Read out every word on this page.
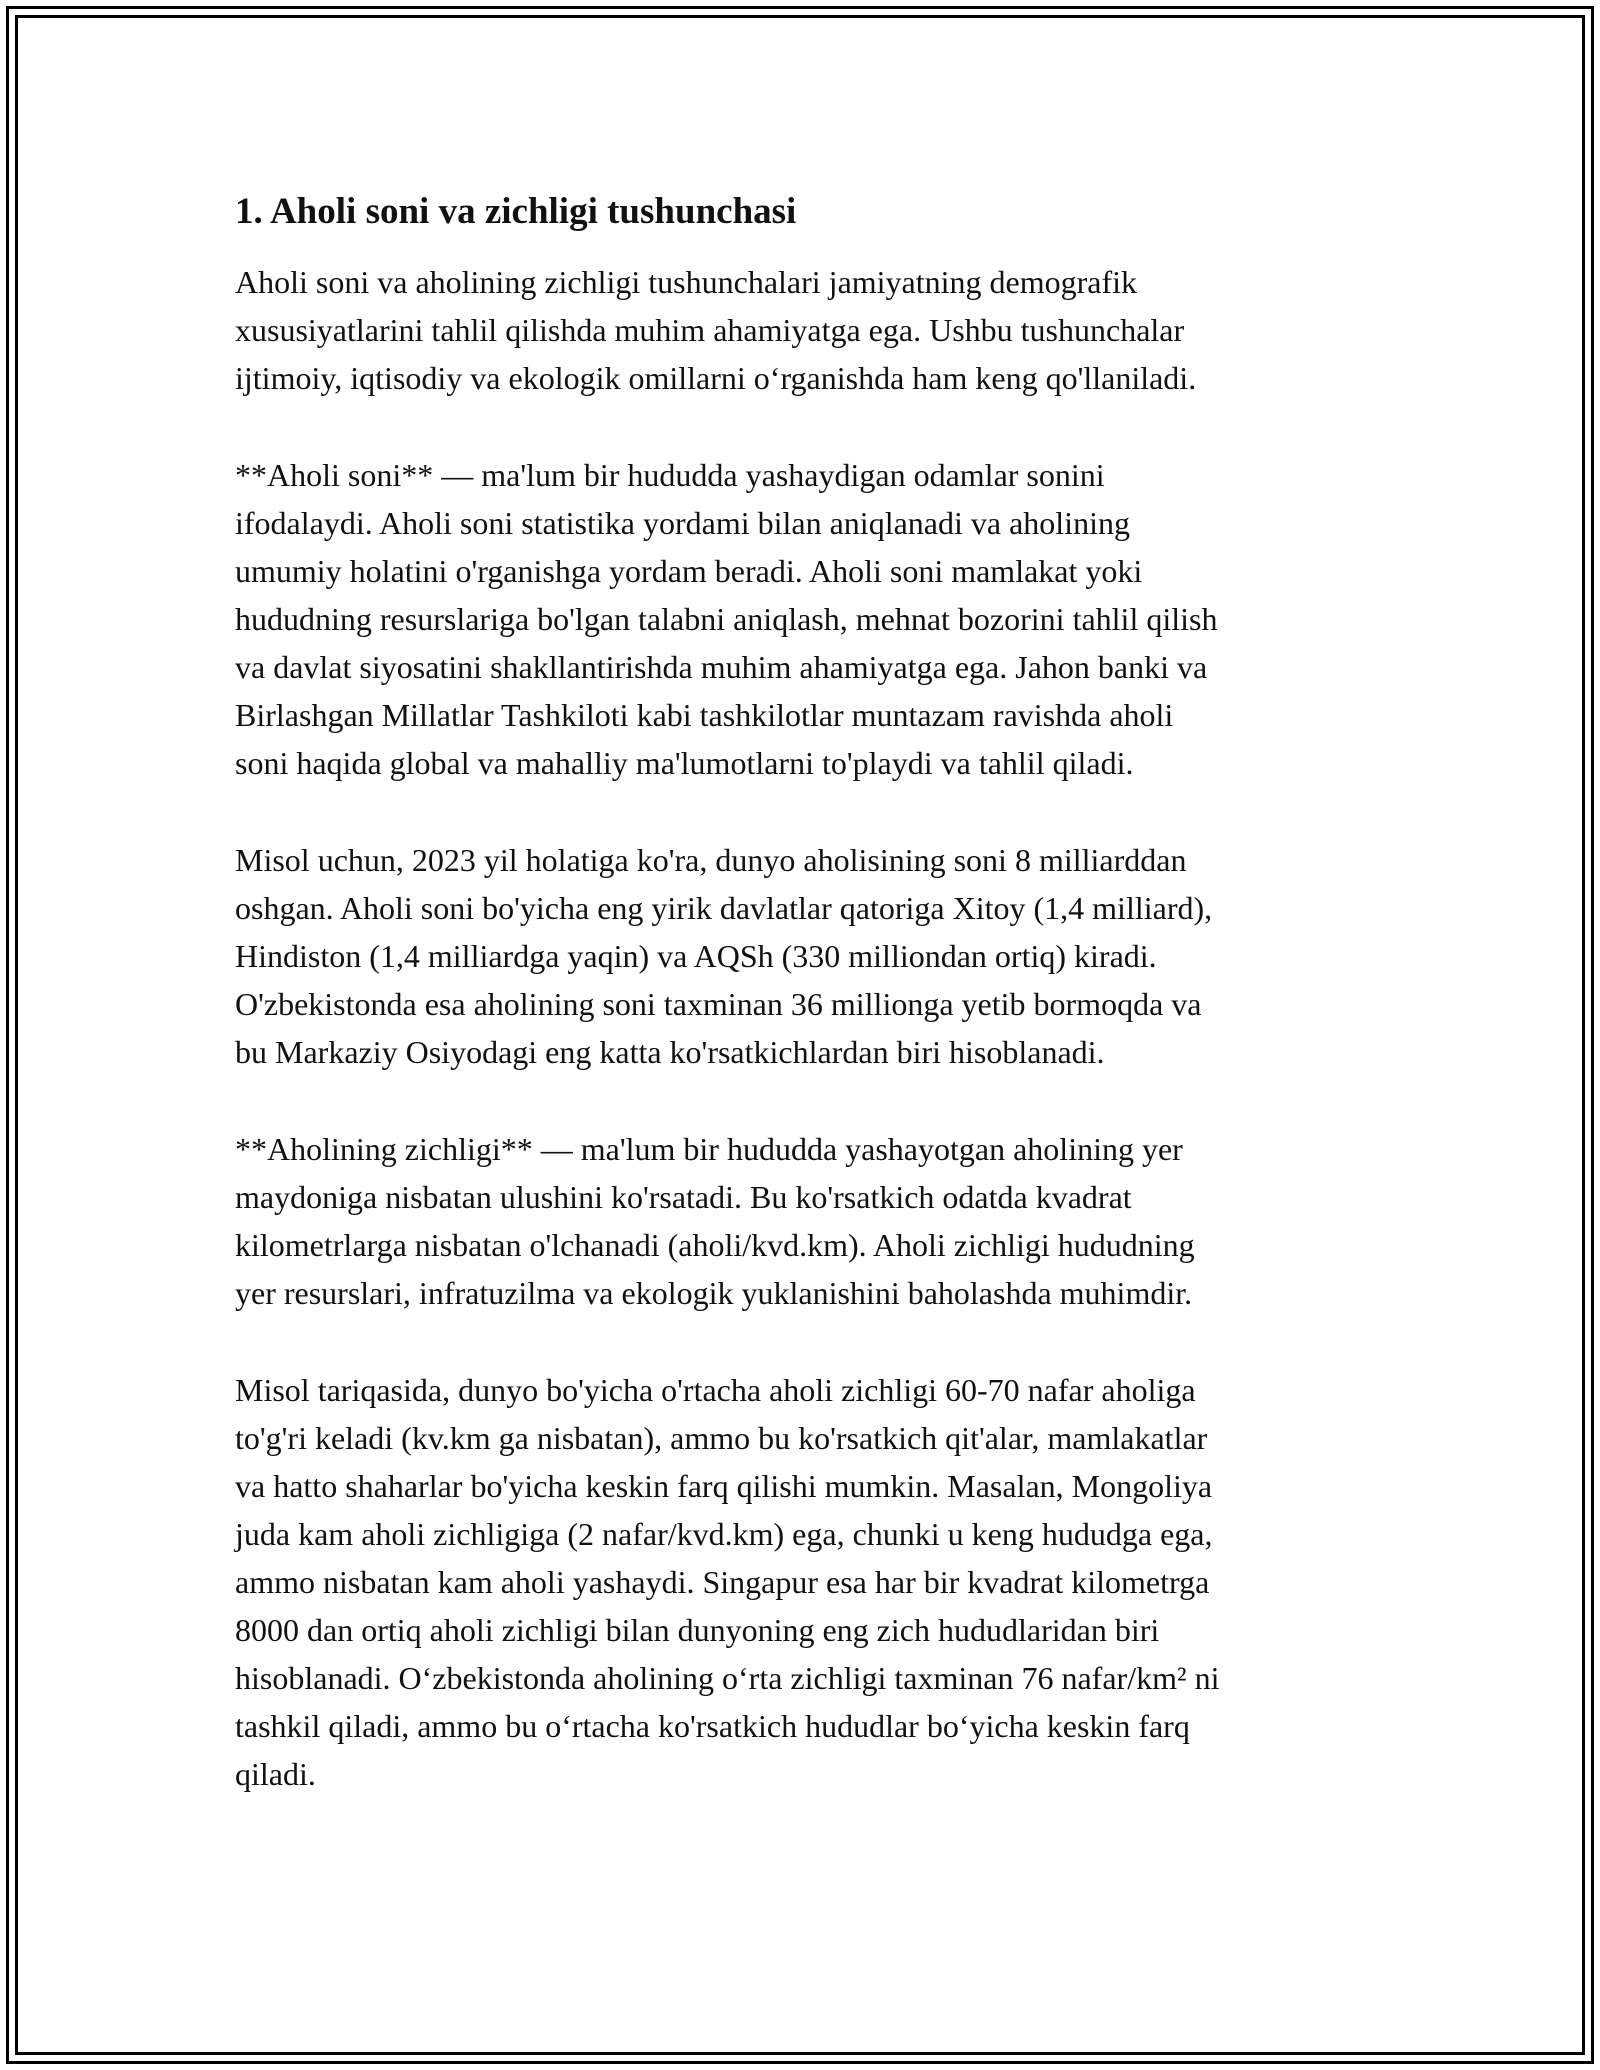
1. Aholi soni va zichligi tushunchasi
Aholi soni va aholining zichligi tushunchalari jamiyatning demografik
xususiyatlarini tahlil qilishda muhim ahamiyatga ega. Ushbu tushunchalar
ijtimoiy, iqtisodiy va ekologik omillarni o‘rganishda ham keng qo'llaniladi.
**Aholi soni** — ma'lum bir hududda yashaydigan odamlar sonini
ifodalaydi. Aholi soni statistika yordami bilan aniqlanadi va aholining
umumiy holatini o'rganishga yordam beradi. Aholi soni mamlakat yoki
hududning resurslariga bo'lgan talabni aniqlash, mehnat bozorini tahlil qilish
va davlat siyosatini shakllantirishda muhim ahamiyatga ega. Jahon banki va
Birlashgan Millatlar Tashkiloti kabi tashkilotlar muntazam ravishda aholi
soni haqida global va mahalliy ma'lumotlarni to'playdi va tahlil qiladi.
Misol uchun, 2023 yil holatiga ko'ra, dunyo aholisining soni 8 milliarddan
oshgan. Aholi soni bo'yicha eng yirik davlatlar qatoriga Xitoy (1,4 milliard),
Hindiston (1,4 milliardga yaqin) va AQSh (330 milliondan ortiq) kiradi.
O'zbekistonda esa aholining soni taxminan 36 millionga yetib bormoqda va
bu Markaziy Osiyodagi eng katta ko'rsatkichlardan biri hisoblanadi.
**Aholining zichligi** — ma'lum bir hududda yashayotgan aholining yer
maydoniga nisbatan ulushini ko'rsatadi. Bu ko'rsatkich odatda kvadrat
kilometrlarga nisbatan o'lchanadi (aholi/kvd.km). Aholi zichligi hududning
yer resurslari, infratuzilma va ekologik yuklanishini baholashda muhimdir.
Misol tariqasida, dunyo bo'yicha o'rtacha aholi zichligi 60-70 nafar aholiga
to'g'ri keladi (kv.km ga nisbatan), ammo bu ko'rsatkich qit'alar, mamlakatlar
va hatto shaharlar bo'yicha keskin farq qilishi mumkin. Masalan, Mongoliya
juda kam aholi zichligiga (2 nafar/kvd.km) ega, chunki u keng hududga ega,
ammo nisbatan kam aholi yashaydi. Singapur esa har bir kvadrat kilometrga
8000 dan ortiq aholi zichligi bilan dunyoning eng zich hududlaridan biri
hisoblanadi. O‘zbekistonda aholining o‘rta zichligi taxminan 76 nafar/km² ni
tashkil qiladi, ammo bu o‘rtacha ko'rsatkich hududlar bo‘yicha keskin farq
qiladi.
